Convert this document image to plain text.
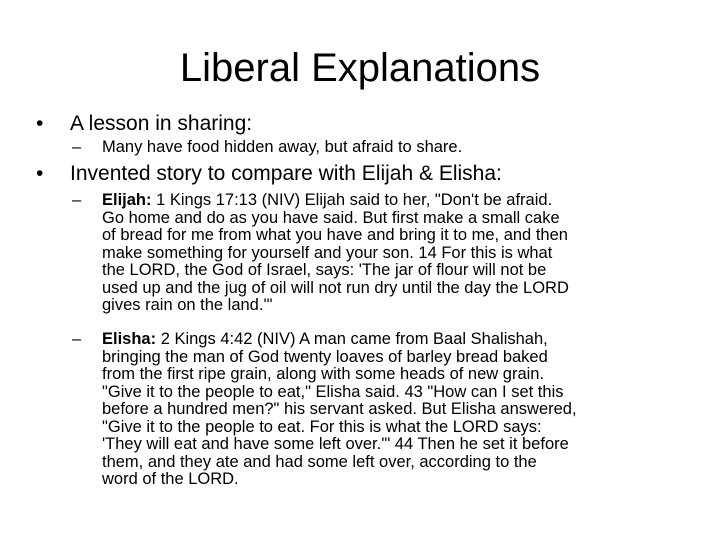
Liberal Explanations
• A lesson in sharing:
– Many have food hidden away, but afraid to share.
• Invented story to compare with Elijah & Elisha:
– Elijah: 1 Kings 17:13 (NIV) Elijah said to her, "Don't be afraid.
Go home and do as you have said. But first make a small cake
of bread for me from what you have and bring it to me, and then
make something for yourself and your son. 14 For this is what
the LORD, the God of Israel, says: 'The jar of flour will not be
used up and the jug of oil will not run dry until the day the LORD
gives rain on the land.'"
– Elisha: 2 Kings 4:42 (NIV) A man came from Baal Shalishah,
bringing the man of God twenty loaves of barley bread baked
from the first ripe grain, along with some heads of new grain.
"Give it to the people to eat," Elisha said. 43 "How can I set this
before a hundred men?" his servant asked. But Elisha answered,
"Give it to the people to eat. For this is what the LORD says:
'They will eat and have some left over.'" 44 Then he set it before
them, and they ate and had some left over, according to the
word of the LORD.
